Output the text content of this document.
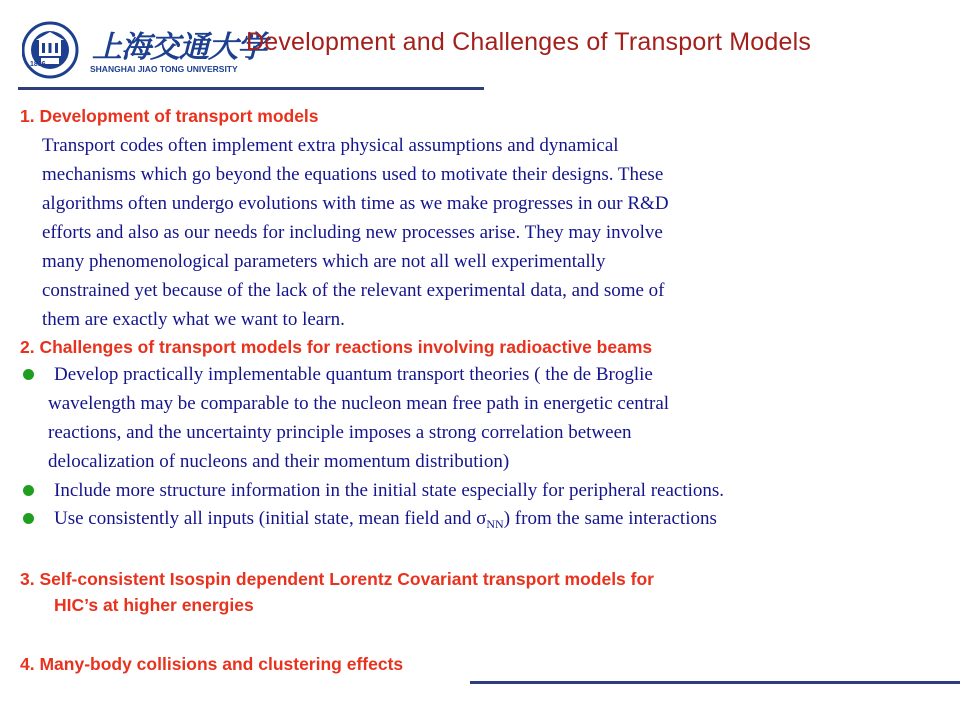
1896 上海交通大学
SHANGHAI JIAO TONG UNIVERSITY
Development and Challenges of Transport Models
1. Development of transport models
Transport codes often implement extra physical assumptions and dynamical
mechanisms which go beyond the equations used to motivate their designs. These
algorithms often undergo evolutions with time as we make progresses in our R&D
efforts and also as our needs for including new processes arise. They may involve
many phenomenological parameters which are not all well experimentally
constrained yet because of the lack of the relevant experimental data, and some of
them are exactly what we want to learn.
2. Challenges of transport models for reactions involving radioactive beams
Develop practically implementable quantum transport theories ( the de Broglie
wavelength may be comparable to the nucleon mean free path in energetic central
reactions, and the uncertainty principle imposes a strong correlation between
delocalization of nucleons and their momentum distribution)
Include more structure information in the initial state especially for peripheral reactions.
Use consistently all inputs (initial state, mean field and $\sigma_{NN}$) from the same interactions
3. Self-consistent Isospin dependent Lorentz Covariant transport models for
HIC’s at higher energies
4. Many-body collisions and clustering effects
